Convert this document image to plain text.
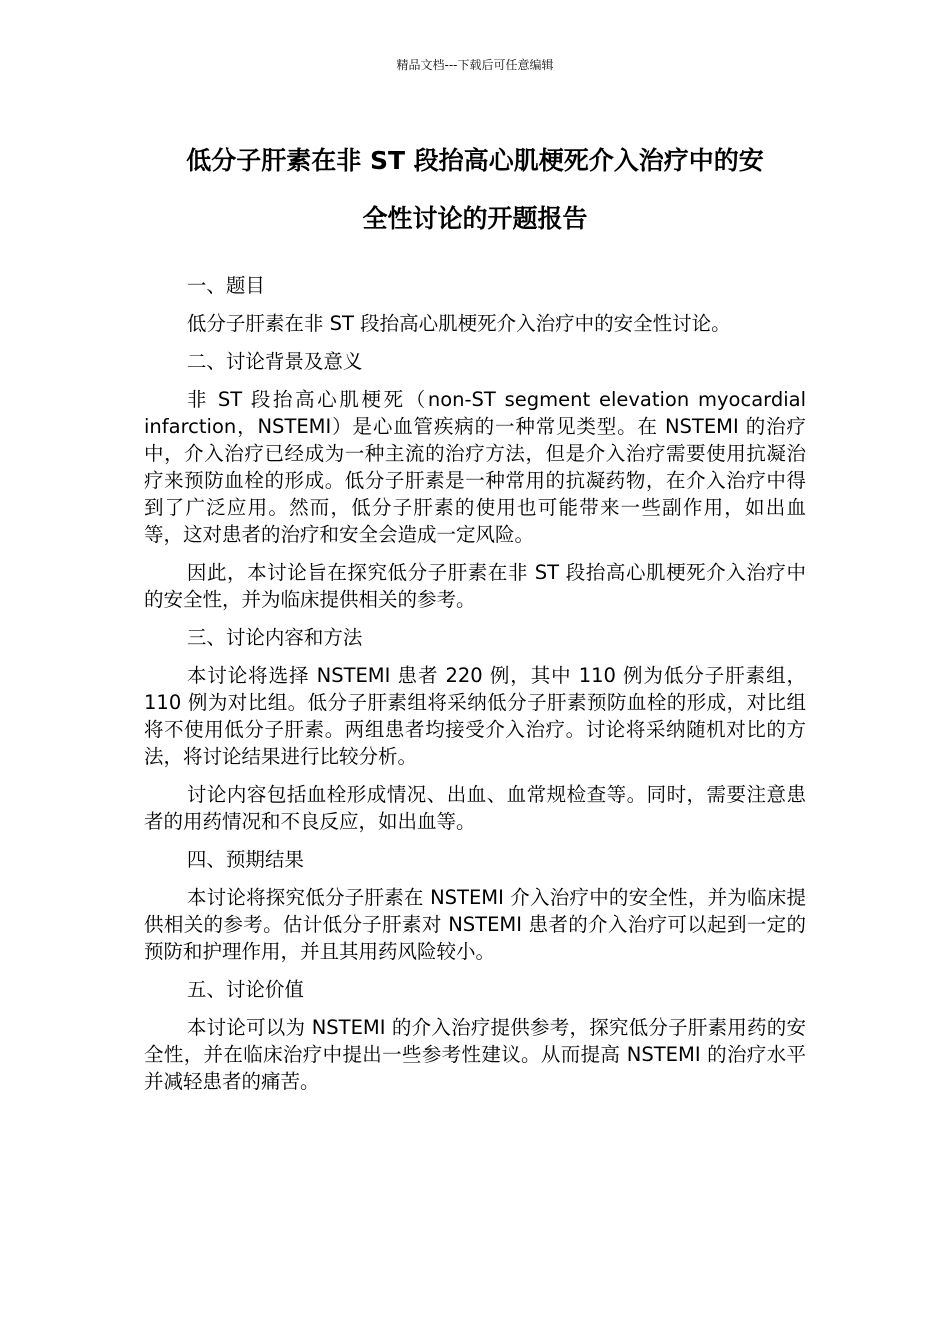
精品文档---下载后可任意编辑
低分子肝素在非 ST 段抬高心肌梗死介入治疗中的安
全性讨论的开题报告

一、题目

低分子肝素在非 ST 段抬高心肌梗死介入治疗中的安全性讨论。

二、讨论背景及意义

非 ST 段抬高心肌梗死（non-ST segment elevation myocardial infarction，NSTEMI）是心血管疾病的一种常见类型。在 NSTEMI 的治疗中，介入治疗已经成为一种主流的治疗方法，但是介入治疗需要使用抗凝治疗来预防血栓的形成。低分子肝素是一种常用的抗凝药物，在介入治疗中得到了广泛应用。然而，低分子肝素的使用也可能带来一些副作用，如出血等，这对患者的治疗和安全会造成一定风险。

因此，本讨论旨在探究低分子肝素在非 ST 段抬高心肌梗死介入治疗中的安全性，并为临床提供相关的参考。

三、讨论内容和方法

本讨论将选择 NSTEMI 患者 220 例，其中 110 例为低分子肝素组，110 例为对比组。低分子肝素组将采纳低分子肝素预防血栓的形成，对比组将不使用低分子肝素。两组患者均接受介入治疗。讨论将采纳随机对比的方法，将讨论结果进行比较分析。

讨论内容包括血栓形成情况、出血、血常规检查等。同时，需要注意患者的用药情况和不良反应，如出血等。

四、预期结果

本讨论将探究低分子肝素在 NSTEMI 介入治疗中的安全性，并为临床提供相关的参考。估计低分子肝素对 NSTEMI 患者的介入治疗可以起到一定的预防和护理作用，并且其用药风险较小。

五、讨论价值

本讨论可以为 NSTEMI 的介入治疗提供参考，探究低分子肝素用药的安全性，并在临床治疗中提出一些参考性建议。从而提高 NSTEMI 的治疗水平并减轻患者的痛苦。
